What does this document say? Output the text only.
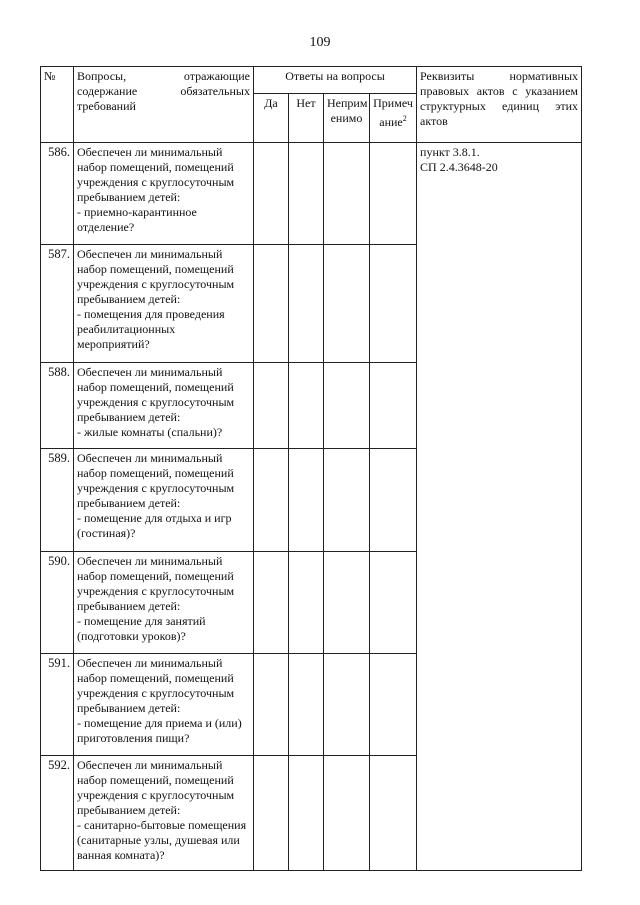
109
№	Вопросы, отражающие
содержание обязательных
требований	Ответы на вопросы				Реквизиты нормативных правовых актов с указанием структурных единиц этих актов
		Да	Нет	Неприм енимо	Примеч ание$^2$
586.	Обеспечен ли минимальный набор помещений, помещений учреждения с круглосуточным пребыванием детей:
- приемно-карантинное отделение?					пункт 3.8.1.
СП 2.4.3648-20

587.	Обеспечен ли минимальный набор помещений, помещений учреждения с круглосуточным пребыванием детей:
- помещения для проведения реабилитационных мероприятий?					

588.	Обеспечен ли минимальный набор помещений, помещений учреждения с круглосуточным пребыванием детей:
- жилые комнаты (спальни)?					

589.	Обеспечен ли минимальный набор помещений, помещений учреждения с круглосуточным пребыванием детей:
- помещение для отдыха и игр (гостиная)?					

590.	Обеспечен ли минимальный набор помещений, помещений учреждения с круглосуточным пребыванием детей:
- помещение для занятий (подготовки уроков)?					

591.	Обеспечен ли минимальный набор помещений, помещений учреждения с круглосуточным пребыванием детей:
- помещение для приема и (или) приготовления пищи?					

592.	Обеспечен ли минимальный набор помещений, помещений учреждения с круглосуточным пребыванием детей:
- санитарно-бытовые помещения (санитарные узлы, душевая или ванная комната)?					
